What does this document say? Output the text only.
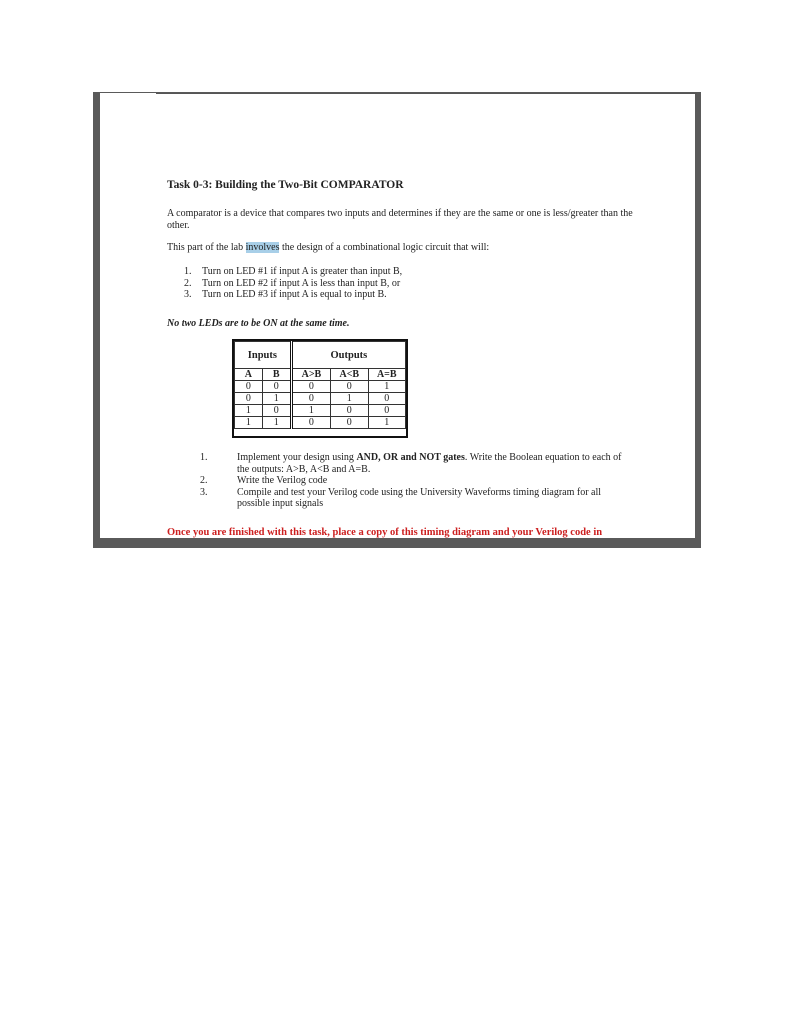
Task 0-3: Building the Two-Bit COMPARATOR
A comparator is a device that compares two inputs and determines if they are the same or one is less/greater than the other.
This part of the lab involves the design of a combinational logic circuit that will:
1. Turn on LED #1 if input A is greater than input B,
2. Turn on LED #2 if input A is less than input B, or
3. Turn on LED #3 if input A is equal to input B.
No two LEDs are to be ON at the same time.
Inputs		Outputs		
A	B	A>B	A<B	A=B
0	0	0	0	1
0	1	0	1	0
1	0	1	0	0
1	1	0	0	1
1.	Implement your design using AND, OR and NOT gates. Write the Boolean equation to each of the outputs: A>B, A<B and A=B.
2.	Write the Verilog code
3.	Compile and test your Verilog code using the University Waveforms timing diagram for all possible input signals
Once you are finished with this task, place a copy of this timing diagram and your Verilog code in
